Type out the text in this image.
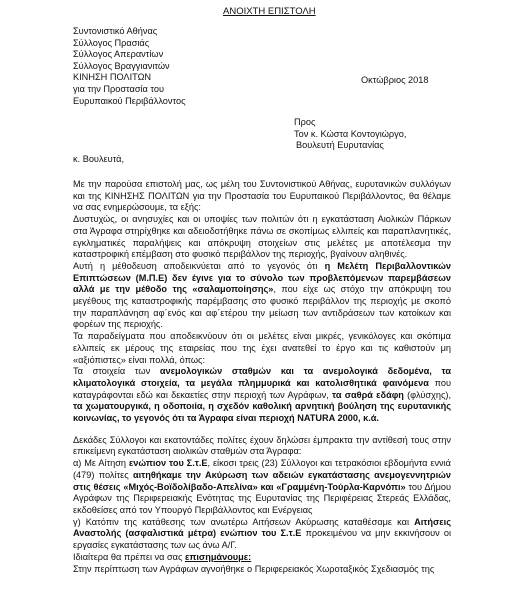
ΑΝΟΙΧΤΗ ΕΠΙΣΤΟΛΗ
Συντονιστικό Αθήνας
Σύλλογος Πρασιάς
Σύλλογος Απεραντίων
Σύλλογος Βραγγιανιτών
ΚΙΝΗΣΗ ΠΟΛΙΤΩΝ
για την Προστασία του
Ευρυπαικού Περιβάλλοντος
Οκτώβριος 2018
Προς
Τον κ. Κώστα Κοντογιώργο,
Βουλευτή Ευρυτανίας
κ. Βουλευτά,

Με την παρούσα επιστολή μας, ως μέλη του Συντονιστικού Αθήνας, ευρυτανικών συλλόγων και της ΚΙΝΗΣΗΣ ΠΟΛΙΤΩΝ για την Προστασία του Ευρυπαικού Περιβάλλοντος, θα θέλαμε να σας ενημερώσουμε, τα εξής:

Δυστυχώς, οι ανησυχίες και οι υποψίες των πολιτών ότι η εγκατάσταση Αιολικών Πάρκων στα Άγραφα στηρίχθηκε και αδειοδοτήθηκε πάνω σε σκοπίμως ελλιπείς και παραπλανητικές, εγκληματικές παραλήψεις και απόκρυψη στοιχείων στις μελέτες με αποτέλεσμα την καταστροφική επέμβαση στο φυσικό περιβάλλον της περιοχής, βγαίνουν αληθινές.

Αυτή η μέθοδευση αποδεικνύεται από το γεγονός ότι η Μελέτη Περιβαλλοντικών Επιπτώσεων (Μ.Π.Ε) δεν έγινε για το σύνολο των προβλεπόμενων παρεμβάσεων αλλά με την μέθοδο της «σαλαμοποίησης», που είχε ως στόχο την απόκρυψη του μεγέθους της καταστροφικής παρέμβασης στο φυσικό περιβάλλον της περιοχής με σκοπό την παραπλάνηση αφ΄ενός και αφ΄ετέρου την μείωση των αντιδράσεων των κατοίκων και φορέων της περιοχής.

Τα παραδείγματα που αποδεικνύουν ότι οι μελέτες είναι μικρές, γενικόλογες και σκόπιμα ελλιπείς εκ μέρους της εταιρείας που της έχει ανατεθεί το έργο και τις καθιστούν μη «αξιόπιστες» είναι πολλά, όπως:

Τα στοιχεία των ανεμολογικών σταθμών και τα ανεμολογικά δεδομένα, τα κλιματολογικά στοιχεία, τα μεγάλα πλημμυρικά και κατολισθητικά φαινόμενα που καταγράφονται εδώ και δεκαετίες στην περιοχή των Αγράφων, τα σαθρά εδάφη (φλύσχης), τα χωματουργικά, η οδοποιία, η σχεδόν καθολική αρνητική βούληση της ευρυτανικής κοινωνίας, το γεγονός ότι τα Άγραφα είναι περιοχή NATURA 2000, κ.ά.

Δεκάδες Σύλλογοι και εκατοντάδες πολίτες έχουν δηλώσει έμπρακτα την αντίθεσή τους στην επικείμενη εγκατάσταση αιολικών σταθμών στα Άγραφα:

α) Με Αίτηση ενώπιον του Σ.τ.Ε, είκοσι τρεις (23) Σύλλογοι και τετρακόσιοι εβδομήντα εννιά (479) πολίτες αιτηθήκαμε την Ακύρωση των αδειών εγκατάστασης ανεμογεννητριών στις θέσεις «Μιχός-Βοϊδολίβαδο-Απελίνα» και «Γραμμένη-Τούρλα-Καρνόπι» του Δήμου Αγράφων της Περιφερειακής Ενότητας της Ευρυτανίας της Περιφέρειας Στερεάς Ελλάδας, εκδοθείσες από τον Υπουργό Περιβάλλοντος και Ενέργειας

γ) Κατόπιν της κατάθεσης των ανωτέρω Αιτήσεων Ακύρωσης καταθέσαμε και Αιτήσεις Αναστολής (ασφαλιστικά μέτρα) ενώπιον του Σ.τ.Ε προκειμένου να μην εκκινήσουν οι εργασίες εγκατάστασης των ως άνω Α/Γ.

Ιδιαίτερα θα πρέπει να σας επισημάνουμε:

Στην περίπτωση των Αγράφων αγνοήθηκε ο Περιφερειακός Χωροταξικός Σχεδιασμός της
